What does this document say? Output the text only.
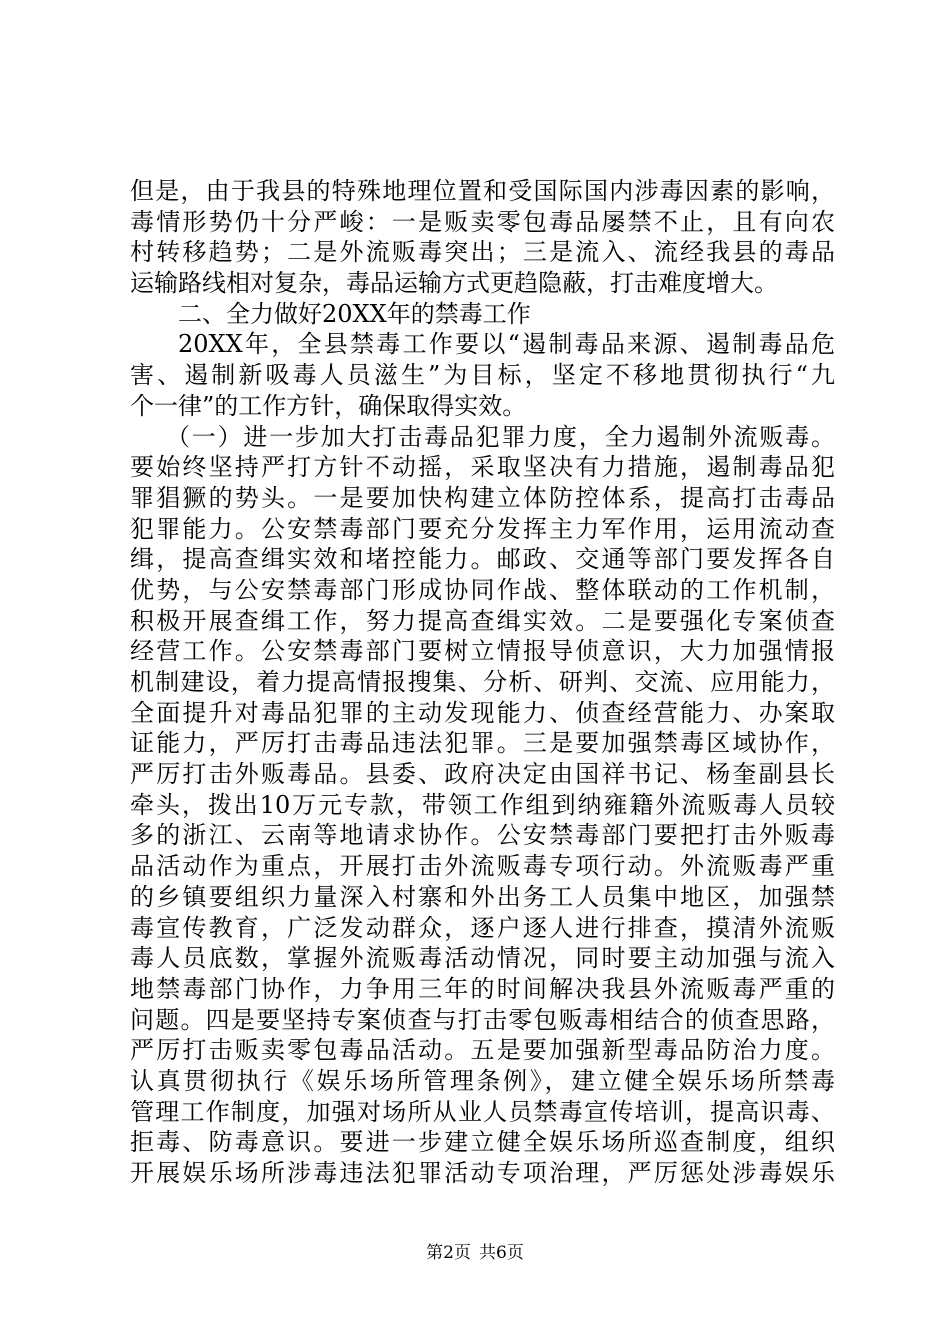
但是，由于我县的特殊地理位置和受国际国内涉毒因素的影响，
毒情形势仍十分严峻：一是贩卖零包毒品屡禁不止，且有向农
村转移趋势；二是外流贩毒突出；三是流入、流经我县的毒品
运输路线相对复杂，毒品运输方式更趋隐蔽，打击难度增大。
二、全力做好20XX年的禁毒工作
20XX年，全县禁毒工作要以“遏制毒品来源、遏制毒品危
害、遏制新吸毒人员滋生”为目标，坚定不移地贯彻执行“九
个一律”的工作方针，确保取得实效。
（一）进一步加大打击毒品犯罪力度，全力遏制外流贩毒。
要始终坚持严打方针不动摇，采取坚决有力措施，遏制毒品犯
罪猖獗的势头。一是要加快构建立体防控体系，提高打击毒品
犯罪能力。公安禁毒部门要充分发挥主力军作用，运用流动查
缉，提高查缉实效和堵控能力。邮政、交通等部门要发挥各自
优势，与公安禁毒部门形成协同作战、整体联动的工作机制，
积极开展查缉工作，努力提高查缉实效。二是要强化专案侦查
经营工作。公安禁毒部门要树立情报导侦意识，大力加强情报
机制建设，着力提高情报搜集、分析、研判、交流、应用能力，
全面提升对毒品犯罪的主动发现能力、侦查经营能力、办案取
证能力，严厉打击毒品违法犯罪。三是要加强禁毒区域协作，
严厉打击外贩毒品。县委、政府决定由国祥书记、杨奎副县长
牵头，拨出10万元专款，带领工作组到纳雍籍外流贩毒人员较
多的浙江、云南等地请求协作。公安禁毒部门要把打击外贩毒
品活动作为重点，开展打击外流贩毒专项行动。外流贩毒严重
的乡镇要组织力量深入村寨和外出务工人员集中地区，加强禁
毒宣传教育，广泛发动群众，逐户逐人进行排查，摸清外流贩
毒人员底数，掌握外流贩毒活动情况，同时要主动加强与流入
地禁毒部门协作，力争用三年的时间解决我县外流贩毒严重的
问题。四是要坚持专案侦查与打击零包贩毒相结合的侦查思路，
严厉打击贩卖零包毒品活动。五是要加强新型毒品防治力度。
认真贯彻执行《娱乐场所管理条例》，建立健全娱乐场所禁毒
管理工作制度，加强对场所从业人员禁毒宣传培训，提高识毒、
拒毒、防毒意识。要进一步建立健全娱乐场所巡查制度，组织
开展娱乐场所涉毒违法犯罪活动专项治理，严厉惩处涉毒娱乐
第2页 共6页
